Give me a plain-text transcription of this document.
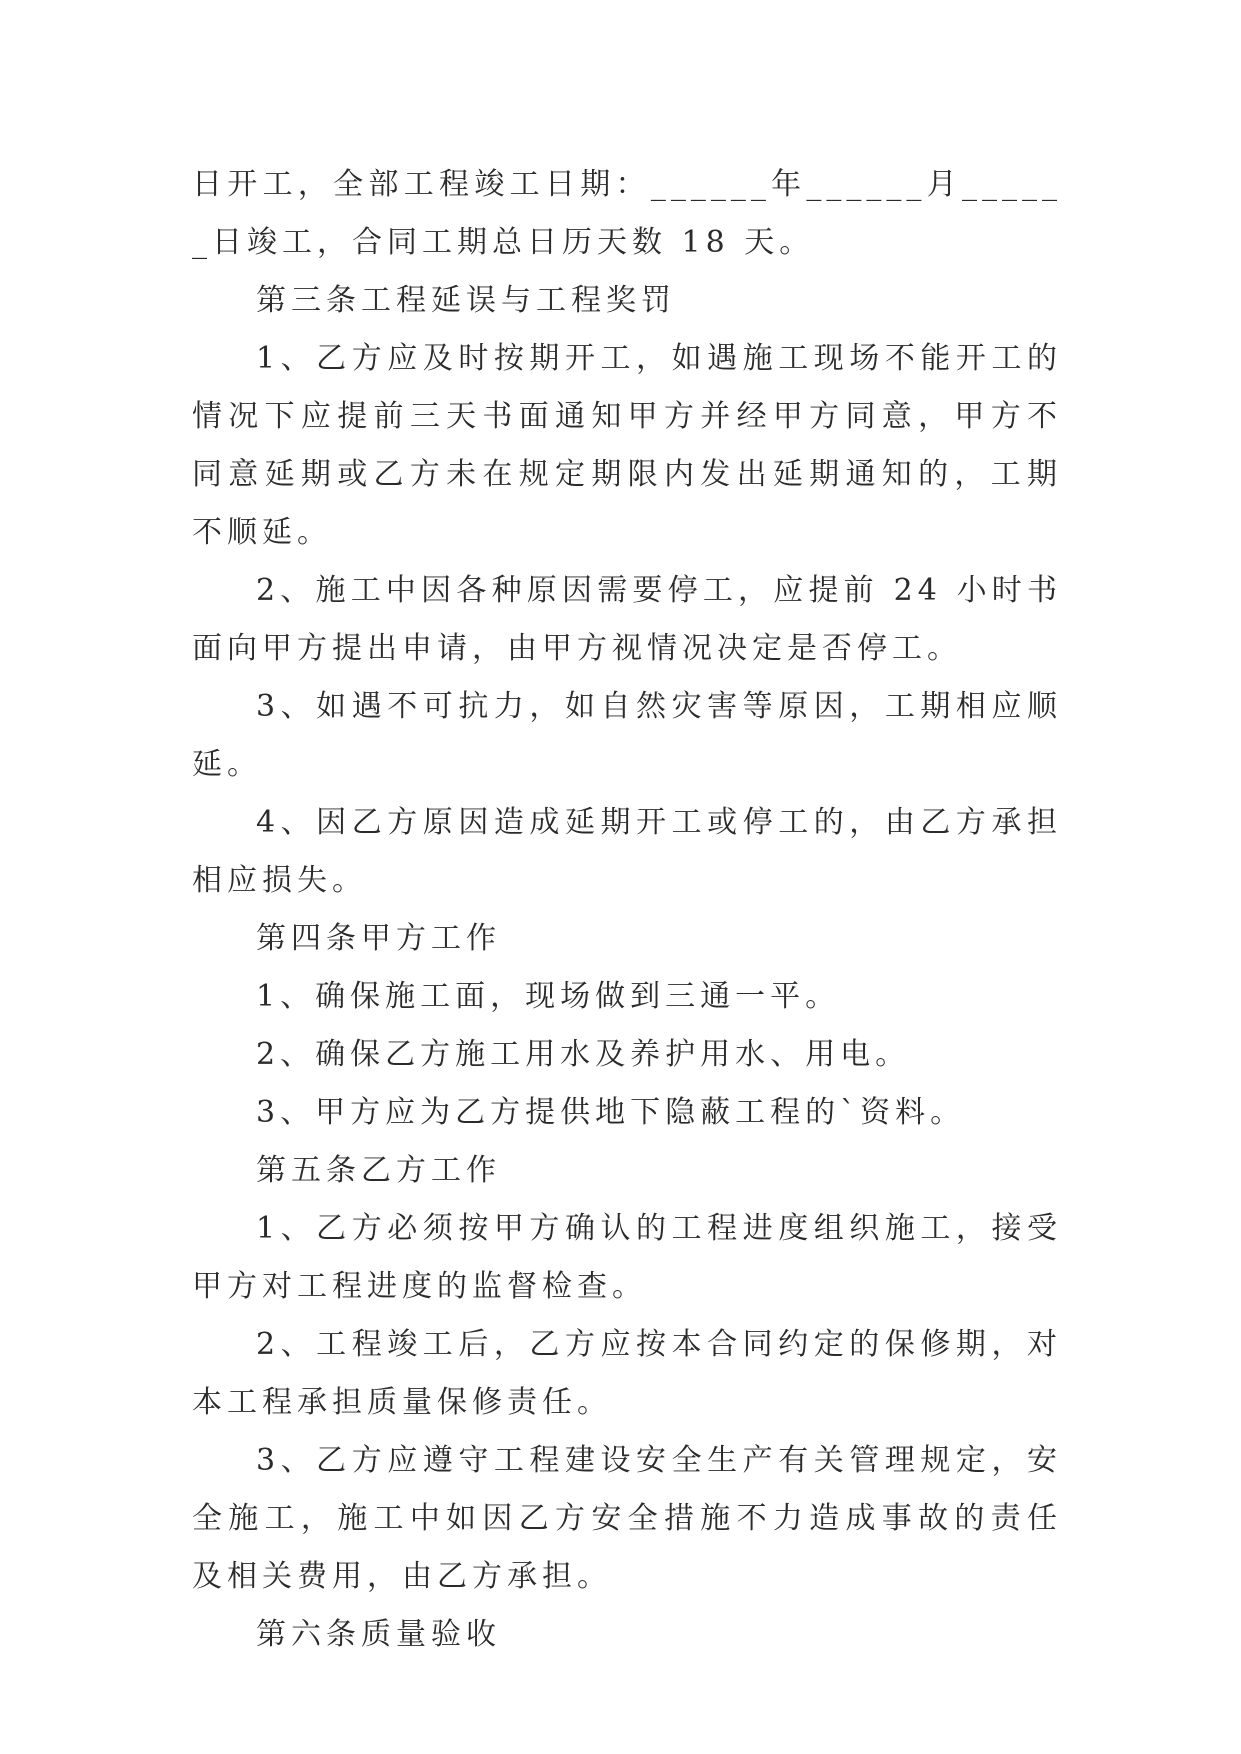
日开工，全部工程竣工日期：______年______月______日竣工，合同工期总日历天数 18 天。

第三条工程延误与工程奖罚

1、乙方应及时按期开工，如遇施工现场不能开工的情况下应提前三天书面通知甲方并经甲方同意，甲方不同意延期或乙方未在规定期限内发出延期通知的，工期不顺延。

2、施工中因各种原因需要停工，应提前 24 小时书面向甲方提出申请，由甲方视情况决定是否停工。

3、如遇不可抗力，如自然灾害等原因，工期相应顺延。

4、因乙方原因造成延期开工或停工的，由乙方承担相应损失。

第四条甲方工作

1、确保施工面，现场做到三通一平。

2、确保乙方施工用水及养护用水、用电。

3、甲方应为乙方提供地下隐蔽工程的`资料。

第五条乙方工作

1、乙方必须按甲方确认的工程进度组织施工，接受甲方对工程进度的监督检查。

2、工程竣工后，乙方应按本合同约定的保修期，对本工程承担质量保修责任。

3、乙方应遵守工程建设安全生产有关管理规定，安全施工，施工中如因乙方安全措施不力造成事故的责任及相关费用，由乙方承担。

第六条质量验收
